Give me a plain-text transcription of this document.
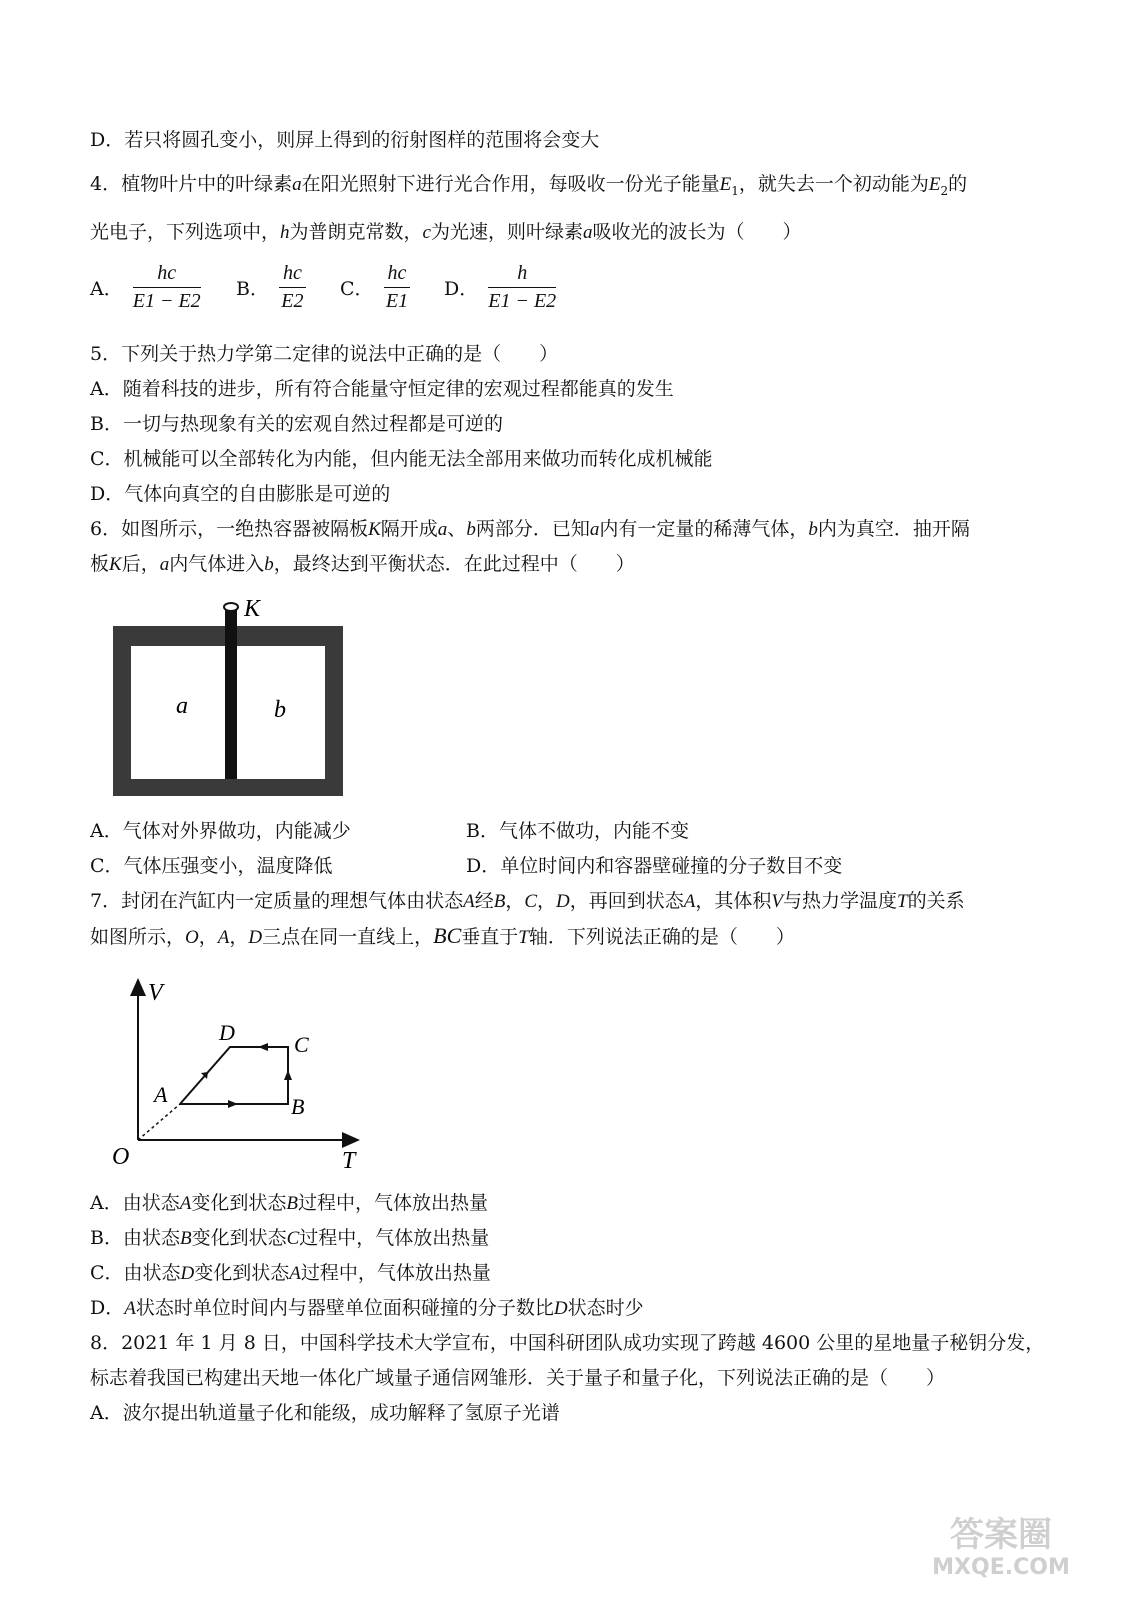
D．若只将圆孔变小，则屏上得到的衍射图样的范围将会变大
4．植物叶片中的叶绿素a在阳光照射下进行光合作用，每吸收一份光子能量$E_1$，就失去一个初动能为$E_2$的
光电子，下列选项中，h为普朗克常数，c为光速，则叶绿素a吸收光的波长为（　　）
A． $\frac{hc}{E1 - E2}$ B． $\frac{hc}{E2}$ C． $\frac{hc}{E1}$ D． $\frac{h}{E1 - E2}$
5．下列关于热力学第二定律的说法中正确的是（　　）
A．随着科技的进步，所有符合能量守恒定律的宏观过程都能真的发生
B．一切与热现象有关的宏观自然过程都是可逆的
C．机械能可以全部转化为内能，但内能无法全部用来做功而转化成机械能
D．气体向真空的自由膨胀是可逆的
6．如图所示，一绝热容器被隔板K隔开成a、b两部分．已知a内有一定量的稀薄气体，b内为真空．抽开隔
板K后，a内气体进入b，最终达到平衡状态．在此过程中（　　）
K
a	b
A．气体对外界做功，内能减少	B．气体不做功，内能不变
C．气体压强变小，温度降低	D．单位时间内和容器壁碰撞的分子数目不变
7．封闭在汽缸内一定质量的理想气体由状态A经B，C，D，再回到状态A，其体积V与热力学温度T的关系
如图所示，O，A，D三点在同一直线上，BC垂直于T轴．下列说法正确的是（　　）
V
T
O
A	B
C
D
A．由状态A变化到状态B过程中，气体放出热量
B．由状态B变化到状态C过程中，气体放出热量
C．由状态D变化到状态A过程中，气体放出热量
D．A状态时单位时间内与器壁单位面积碰撞的分子数比D状态时少
8．2021 年 1 月 8 日，中国科学技术大学宣布，中国科研团队成功实现了跨越 4600 公里的星地量子秘钥分发，
标志着我国已构建出天地一体化广域量子通信网雏形．关于量子和量子化，下列说法正确的是（　　）
A．波尔提出轨道量子化和能级，成功解释了氢原子光谱
答案圈
MXQE.COM
